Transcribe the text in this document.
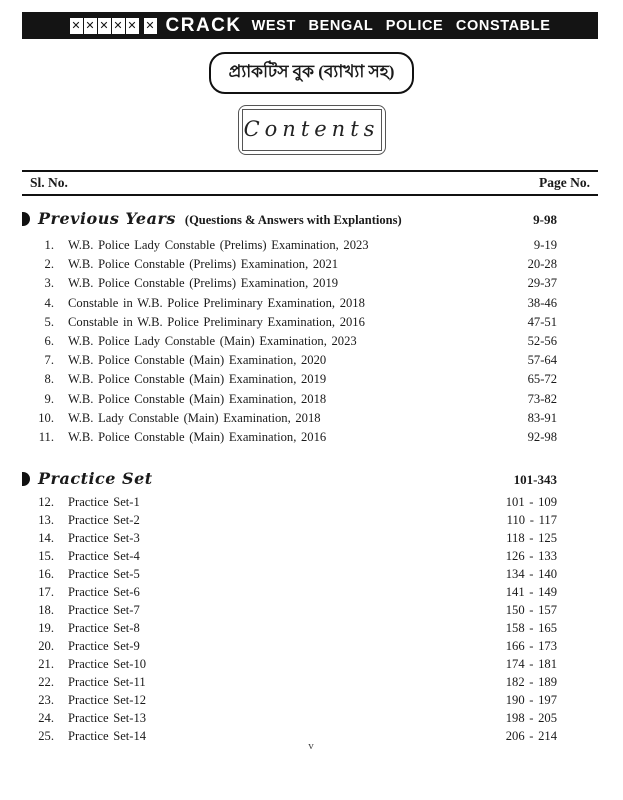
✕ ✕ ✕ ✕ ✕ ✕ CRACK WEST BENGAL POLICE CONSTABLE
প্র্যাকটিস বুক (ব্যাখ্যা সহ)
Contents
Sl. No.	Page No.
Previous Years (Questions & Answers with Explantions)	9-98
1. W.B. Police Lady Constable (Prelims) Examination, 2023	9-19
2. W.B. Police Constable (Prelims) Examination, 2021	20-28
3. W.B. Police Constable (Prelims) Examination, 2019	29-37
4. Constable in W.B. Police Preliminary Examination, 2018	38-46
5. Constable in W.B. Police Preliminary Examination, 2016	47-51
6. W.B. Police Lady Constable (Main) Examination, 2023	52-56
7. W.B. Police Constable (Main) Examination, 2020	57-64
8. W.B. Police Constable (Main) Examination, 2019	65-72
9. W.B. Police Constable (Main) Examination, 2018	73-82
10. W.B. Lady Constable (Main) Examination, 2018	83-91
11. W.B. Police Constable (Main) Examination, 2016	92-98
Practice Set	101-343
12. Practice Set-1	101 - 109
13. Practice Set-2	110 - 117
14. Practice Set-3	118 - 125
15. Practice Set-4	126 - 133
16. Practice Set-5	134 - 140
17. Practice Set-6	141 - 149
18. Practice Set-7	150 - 157
19. Practice Set-8	158 - 165
20. Practice Set-9	166 - 173
21. Practice Set-10	174 - 181
22. Practice Set-11	182 - 189
23. Practice Set-12	190 - 197
24. Practice Set-13	198 - 205
25. Practice Set-14	206 - 214
v
